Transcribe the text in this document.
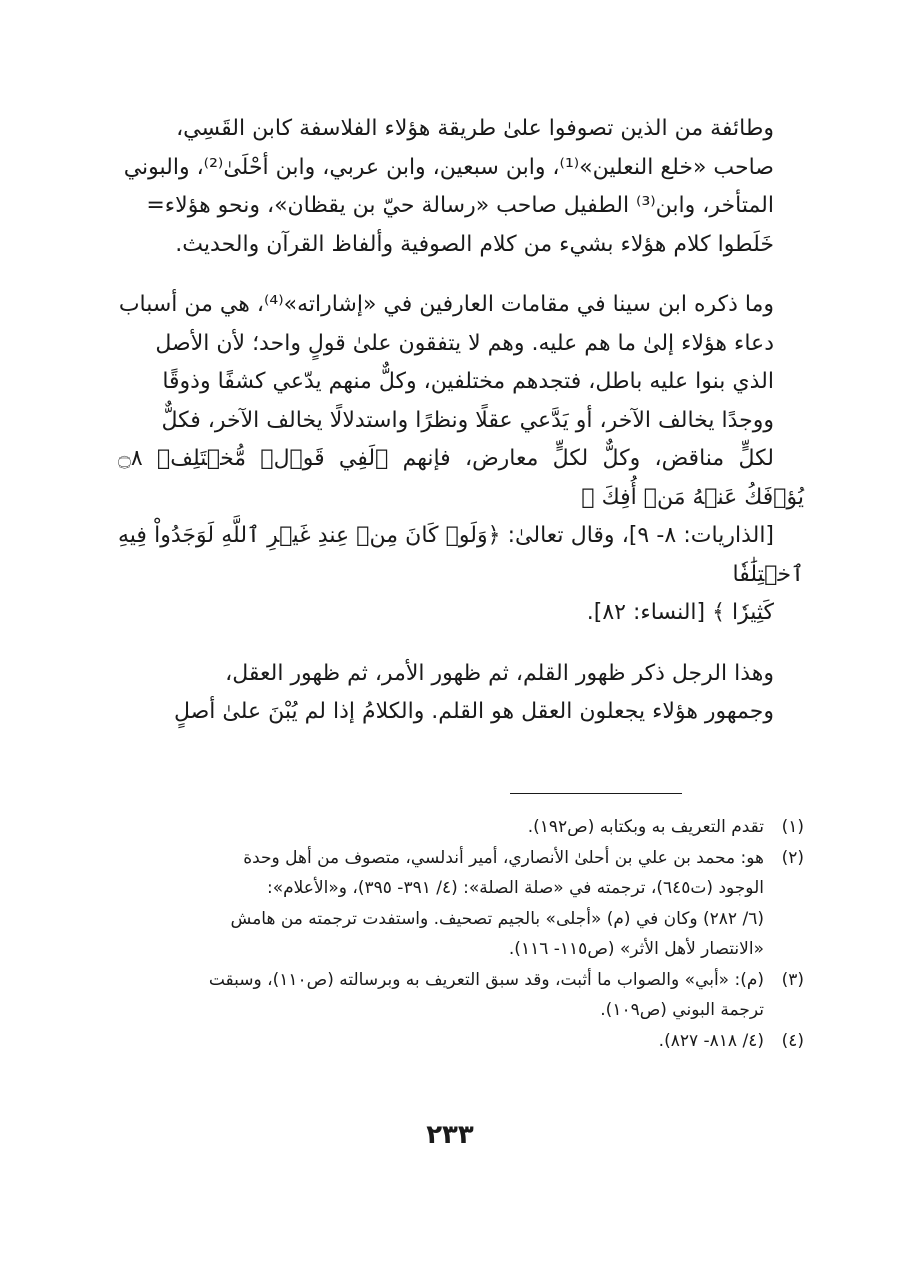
وطائفة من الذين تصوفوا علىٰ طريقة هؤلاء الفلاسفة كابن القَسِي،
صاحب «خلع النعلين»⁽¹⁾، وابن سبعين، وابن عربي، وابن أحْلَىٰ⁽²⁾، والبوني
المتأخر، وابن⁽³⁾ الطفيل صاحب «رسالة حيّ بن يقظان»، ونحو هؤلاء=
خَلَطوا كلام هؤلاء بشيء من كلام الصوفية وألفاظ القرآن والحديث.

وما ذكره ابن سينا في مقامات العارفين في «إشاراته»⁽⁴⁾، هي من أسباب
دعاء هؤلاء إلىٰ ما هم عليه. وهم لا يتفقون علىٰ قولٍ واحد؛ لأن الأصل
الذي بنوا عليه باطل، فتجدهم مختلفين، وكلٌّ منهم يدّعي كشفًا وذوقًا
ووجدًا يخالف الآخر، أو يَدَّعي عقلًا ونظرًا واستدلالًا يخالف الآخر، فكلٌّ
لكلٍّ مناقض، وكلٌّ لكلٍّ معارض، فإنهم ﴿لَفِي قَوۡلٖ مُّخۡتَلِفٖ ۝٨ يُؤۡفَكُ عَنۡهُ مَنۡ أُفِكَ ﴾
[الذاريات: ٨- ٩]، وقال تعالىٰ: ﴿وَلَوۡ كَانَ مِنۡ عِندِ غَيۡرِ ٱللَّهِ لَوَجَدُواْ فِيهِ ٱخۡتِلَٰفٗا
كَثِيرٗا ﴾ [النساء: ٨٢].

وهذا الرجل ذكر ظهور القلم، ثم ظهور الأمر، ثم ظهور العقل،
وجمهور هؤلاء يجعلون العقل هو القلم. والكلامُ إذا لم يُبْنَ علىٰ أصلٍ

(١)
تقدم التعريف به وبكتابه (ص١٩٢).
(٢)
هو: محمد بن علي بن أحلىٰ الأنصاري، أمير أندلسي، متصوف من أهل وحدة
الوجود (ت٦٤٥)، ترجمته في «صلة الصلة»: (٤/ ٣٩١- ٣٩٥)، و«الأعلام»:
(٦/ ٢٨٢) وكان في (م) «أجلى» بالجيم تصحيف. واستفدت ترجمته من هامش
«الانتصار لأهل الأثر» (ص١١٥- ١١٦).
(٣)
(م): «أبي» والصواب ما أثبت، وقد سبق التعريف به وبرسالته (ص١١٠)، وسبقت
ترجمة البوني (ص١٠٩).
(٤)
(٤/ ٨١٨- ٨٢٧).
٢٣٣
